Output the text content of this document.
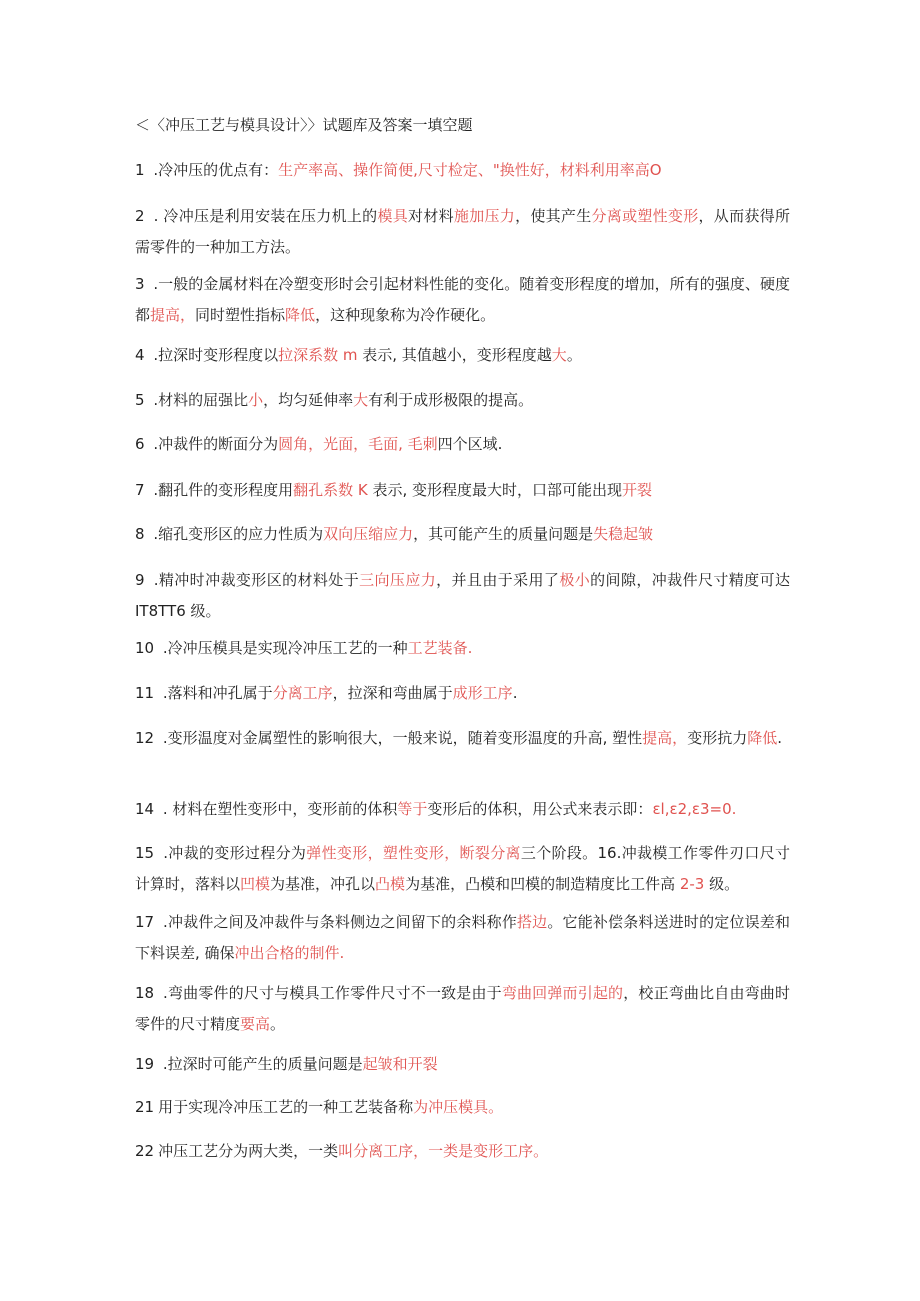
＜〈冲压工艺与模具设计〉〉试题库及答案一填空题
1 .冷冲压的优点有：生产率高、操作简便,尺寸检定、"换性好，材料利用率高O
2 . 冷冲压是利用安装在压力机上的模具对材料施加压力，使其产生分离或塑性变形，从而获得所需零件的一种加工方法。
3 .一般的金属材料在冷塑变形时会引起材料性能的变化。随着变形程度的增加，所有的强度、硬度都提高，同时塑性指标降低，这种现象称为冷作硬化。
4 .拉深时变形程度以拉深系数 m 表示, 其值越小，变形程度越大。
5 .材料的屈强比小，均匀延伸率大有利于成形极限的提高。
6 .冲裁件的断面分为圆角，光面，毛面, 毛刺四个区域.
7 .翻孔件的变形程度用翻孔系数 K 表示, 变形程度最大时，口部可能出现开裂
8 .缩孔变形区的应力性质为双向压缩应力，其可能产生的质量问题是失稳起皱
9 .精冲时冲裁变形区的材料处于三向压应力，并且由于采用了极小的间隙，冲裁件尺寸精度可达IT8TT6 级。
10 .冷冲压模具是实现冷冲压工艺的一种工艺装备.
11 .落料和冲孔属于分离工序，拉深和弯曲属于成形工序.
12 .变形温度对金属塑性的影响很大，一般来说，随着变形温度的升高, 塑性提高，变形抗力降低.
14 . 材料在塑性变形中，变形前的体积等于变形后的体积，用公式来表示即：εl,ε2,ε3=0.
15 .冲裁的变形过程分为弹性变形，塑性变形，断裂分离三个阶段。16.冲裁模工作零件刃口尺寸计算时，落料以凹模为基准，冲孔以凸模为基准，凸模和凹模的制造精度比工件高 2-3 级。
17 .冲裁件之间及冲裁件与条料侧边之间留下的余料称作搭边。它能补偿条料送进时的定位误差和下料误差, 确保冲出合格的制件.
18 .弯曲零件的尺寸与模具工作零件尺寸不一致是由于弯曲回弹而引起的，校正弯曲比自由弯曲时零件的尺寸精度要高。
19 .拉深时可能产生的质量问题是起皱和开裂
21 用于实现冷冲压工艺的一种工艺装备称为冲压模具。
22 冲压工艺分为两大类，一类叫分离工序，一类是变形工序。
